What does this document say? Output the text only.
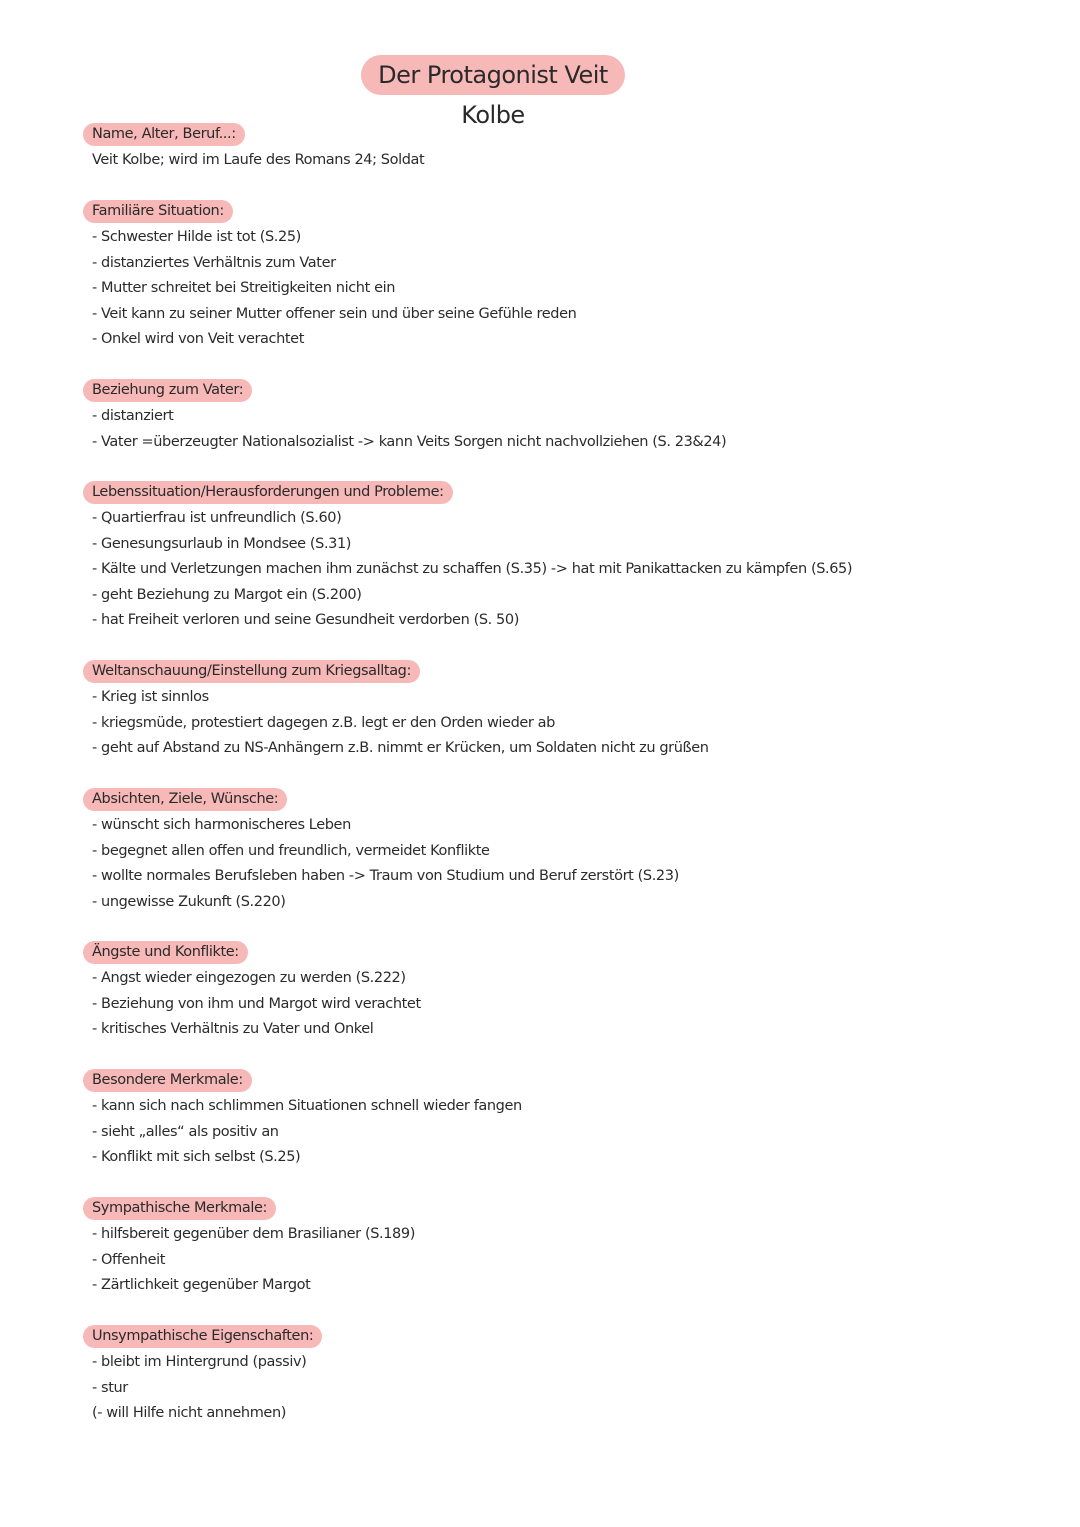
Der Protagonist Veit Kolbe
Name, Alter, Beruf...:
Veit Kolbe; wird im Laufe des Romans 24; Soldat
Familiäre Situation:
- Schwester Hilde ist tot (S.25)
- distanziertes Verhältnis zum Vater
- Mutter schreitet bei Streitigkeiten nicht ein
- Veit kann zu seiner Mutter offener sein und über seine Gefühle reden
- Onkel wird von Veit verachtet
Beziehung zum Vater:
- distanziert
- Vater =überzeugter Nationalsozialist -> kann Veits Sorgen nicht nachvollziehen (S. 23&24)
Lebenssituation/Herausforderungen und Probleme:
- Quartierfrau ist unfreundlich (S.60)
- Genesungsurlaub in Mondsee (S.31)
- Kälte und Verletzungen machen ihm zunächst zu schaffen (S.35) -> hat mit Panikattacken zu kämpfen (S.65)
- geht Beziehung zu Margot ein (S.200)
- hat Freiheit verloren und seine Gesundheit verdorben (S. 50)
Weltanschauung/Einstellung zum Kriegsalltag:
- Krieg ist sinnlos
- kriegsmüde, protestiert dagegen z.B. legt er den Orden wieder ab
- geht auf Abstand zu NS-Anhängern z.B. nimmt er Krücken, um Soldaten nicht zu grüßen
Absichten, Ziele, Wünsche:
- wünscht sich harmonischeres Leben
- begegnet allen offen und freundlich, vermeidet Konflikte
- wollte normales Berufsleben haben -> Traum von Studium und Beruf zerstört (S.23)
- ungewisse Zukunft (S.220)
Ängste und Konflikte:
- Angst wieder eingezogen zu werden (S.222)
- Beziehung von ihm und Margot wird verachtet
- kritisches Verhältnis zu Vater und Onkel
Besondere Merkmale:
- kann sich nach schlimmen Situationen schnell wieder fangen
- sieht „alles“ als positiv an
- Konflikt mit sich selbst (S.25)
Sympathische Merkmale:
- hilfsbereit gegenüber dem Brasilianer (S.189)
- Offenheit
- Zärtlichkeit gegenüber Margot
Unsympathische Eigenschaften:
- bleibt im Hintergrund (passiv)
- stur
(- will Hilfe nicht annehmen)
